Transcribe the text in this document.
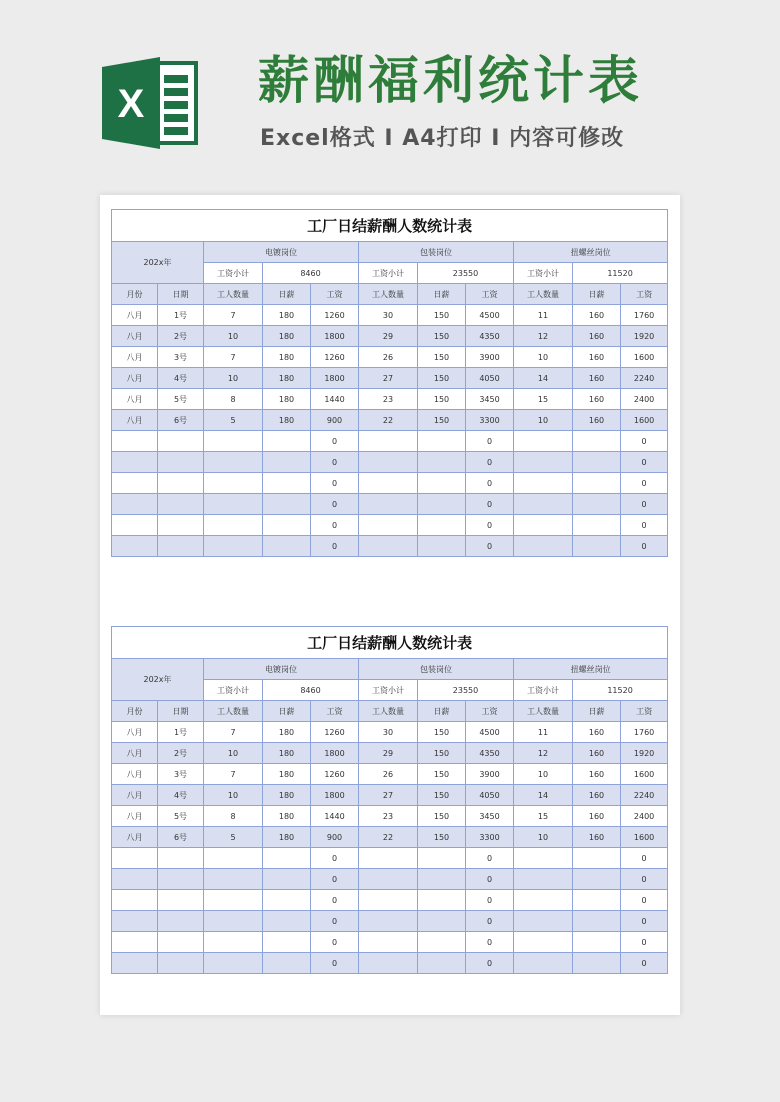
X 薪酬福利统计表
Excel格式 I A4打印 I 内容可修改
工厂日结薪酬人数统计表										
202x年		电镀岗位			包装岗位			扭螺丝岗位		
		工资小计	8460		工资小计	23550		工资小计	11520	
月份	日期	工人数量	日薪	工资	工人数量	日薪	工资	工人数量	日薪	工资
八月	1号	7	180	1260	30	150	4500	11	160	1760
八月	2号	10	180	1800	29	150	4350	12	160	1920
八月	3号	7	180	1260	26	150	3900	10	160	1600
八月	4号	10	180	1800	27	150	4050	14	160	2240
八月	5号	8	180	1440	23	150	3450	15	160	2400
八月	6号	5	180	900	22	150	3300	10	160	1600
				0			0			0
				0			0			0
				0			0			0
				0			0			0
				0			0			0
				0			0			0
工厂日结薪酬人数统计表										
202x年		电镀岗位			包装岗位			扭螺丝岗位		
		工资小计	8460		工资小计	23550		工资小计	11520	
月份	日期	工人数量	日薪	工资	工人数量	日薪	工资	工人数量	日薪	工资
八月	1号	7	180	1260	30	150	4500	11	160	1760
八月	2号	10	180	1800	29	150	4350	12	160	1920
八月	3号	7	180	1260	26	150	3900	10	160	1600
八月	4号	10	180	1800	27	150	4050	14	160	2240
八月	5号	8	180	1440	23	150	3450	15	160	2400
八月	6号	5	180	900	22	150	3300	10	160	1600
				0			0			0
				0			0			0
				0			0			0
				0			0			0
				0			0			0
				0			0			0
